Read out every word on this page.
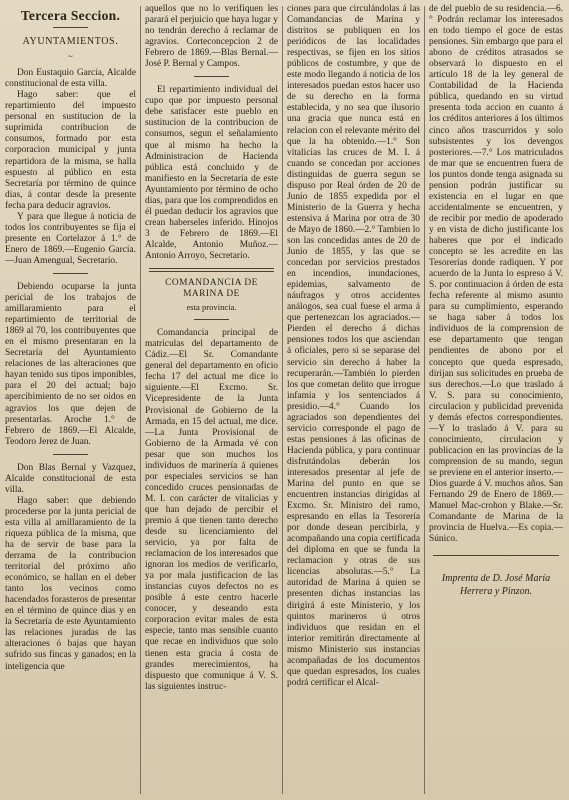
Tercera Seccion.
AYUNTAMIENTOS.
~

Don Eustaquio García, Alcalde constitucional de esta villa.

Hago saber: que el repartimiento del impuesto personal en sustitucion de la suprimida contribucion de consumos, formado por esta corporacion municipal y junta repartidora de la misma, se halla espuesto al público en esta Secretaría por término de quince dias, á contar desde la presente fecha para deducir agravios.

Y para que llegue á noticia de todos los contribuyentes se fija el presente en Cortelazor á 1.° de Enero de 1869.—Eugenio García.—Juan Amengual, Secretario.

Debiendo ocuparse la junta pericial de los trabajos de amillaramiento para el repartimiento de territorial de 1869 al 70, los contribuyentes que en el mismo presentaran en la Secretaría del Ayuntamiento relaciones de las alteraciones que hayan tenido sus tipos imponibles, para el 20 del actual; bajo apercibimiento de no ser oidos en agravios los que dejen de presentarlas. Aroche 1.° de Febrero de 1869.—El Alcalde, Teodoro Jerez de Juan.

Don Blas Bernal y Vazquez, Alcalde constitucional de esta villa.

Hago saber: que debiendo procederse por la junta pericial de esta villa al amillaramiento de la riqueza pública de la misma, que ha de servir de base para la derrama de la contribucion territorial del próximo año económico, se hallan en el deber tanto los vecinos como hacendados forasteros de presentar en el término de quince dias y en la Secretaría de este Ayuntamiento las relaciones juradas de las alteraciones ó bajas que hayan sufrido sus fincas y ganados; en la inteligencia que

aquellos que no lo verifiquen les parará el perjuicio que haya lugar y no tendrán derecho á reclamar de agravios. Corteconcepcion 2 de Febrero de 1869.—Blas Bernal.—José P. Bernal y Campos.

El repartimiento individual del cupo que por impuesto personal debe satisfacer este pueblo en sustitucion de la contribucion de consumos, segun el señalamiento que al mismo ha hecho la Administracion de Hacienda pública está concluido y de manifiesto en la Secretaría de este Ayuntamiento por término de ocho dias, para que los comprendidos en él puedan deducir los agravios que crean haberseles inferido. Hinojos 3 de Febrero de 1869.—El Alcalde, Antonio Muñoz.—Antonio Arroyo, Secretario.

COMANDANCIA DE MARINA DE
esta provincia.

Comandancia principal de matrículas del departamento de Cádiz.—El Sr. Comandante general del departamento en oficio fecha 17 del actual me dice lo siguiente.—El Excmo. Sr. Vicepresidente de la Junta Provisional de Gobierno de la Armada, en 15 del actual, me dice.—La Junta Provisional de Gobierno de la Armada vé con pesar que son muchos los individuos de marinería á quienes por especiales servicios se han concedido cruces pensionadas de M. I. con carácter de vitalicias y que han dejado de percibir el premio á que tienen tanto derecho desde su licenciamiento del servicio, ya por falta de reclamacion de los interesados que ignoran los medios de verificarlo, ya por mala justificacion de las instancias cuyos defectos no es posible á este centro hacerle conocer, y deseando esta corporacion evitar males de esta especie, tanto mas sensible cuanto que recae en individuos que solo tienen esta gracia á costa de grandes merecimientos, ha dispuesto que comunique á V. S. las siguientes instruc-

ciones para que circulándolas á las Comandancias de Marina y distritos se publiquen en los periódicos de las localidades respectivas, se fijen en los sitios públicos de costumbre, y que de este modo llegando á noticia de los interesados puedan estos hacer uso de su derecho en la forma establecida, y no sea que ilusorio una gracia que nunca está en relacion con el relevante mérito del que la ha obtenido.—1.° Son vitalicias las cruces de M. I. á cuando se concedan por acciones distinguidas de guerra segun se dispuso por Real órden de 20 de Junio de 1855 expedida por el Ministerio de la Guerra y hecha estensiva á Marina por otra de 30 de Mayo de 1860.—2.° Tambien lo son las concedidas antes de 20 de Junio de 1855, y las que se concedan por servicios prestados en incendios, inundaciones, epidemias, salvamento de náufragos y otros accidentes análogos, sea cual fuese el arma á que pertenezcan los agraciados.—Pierden el derecho á dichas pensiones todos los que asciendan á oficiales, pero si se separase del servicio sin derecho á haber la recuperarán.—También lo pierden los que cometan delito que irrogue infamia y los sentenciados á presidio.—4.° Cuando los agraciados son dependientes del servicio corresponde el pago de estas pensiones á las oficinas de Hacienda pública, y para continuar disfrutándolas deberán los interesados presentar al jefe de Marina del punto en que se encuentren instancias dirigidas al Excmo. Sr. Ministro del ramo, espresando en ellas la Tesorería por donde desean percibirla, y acompañando una copia certificada del diploma en que se funda la reclamacion y otras de sus licencias absolutas.—5.° La autoridad de Marina á quien se presenten dichas instancias las dirigirá á este Ministerio, y los quintos marineros ú otros individuos que residan en el interior remitirán directamente al mismo Ministerio sus instancias acompañadas de los documentos que quedan espresados, los cuales podrá certificar el Alcal-

de del pueblo de su residencia.—6.° Podrán reclamar los interesados en todo tiempo el goce de estas pensiones. Sin embargo que para el abono de créditos atrasados se observará lo dispuesto en el artículo 18 de la ley general de Contabilidad de la Hacienda pública, quedando en su virtud presenta toda accion en cuanto á los créditos anteriores á los últimos cinco años trascurridos y solo subsistentes y los devengos posteriores.—7.° Los matriculados de mar que se encuentren fuera de los puntos donde tenga asignada su pension podrán justificar su existencia en el lugar en que accidentalmente se encuentren, y de recibir por medio de apoderado y en vista de dicho justificante los haberes que por el indicado concepto se les acredite en las Tesorerías donde radiquen. Y por acuerdo de la Junta lo espreso á V. S. por continuacion á órden de esta fecha referente al mismo asunto para su cumplimiento, esperando se haga saber á todos los individuos de la comprension de ese departamento que tengan pendientes de abono por el concepto que queda espresado, dirijan sus solicitudes en prueba de sus derechos.—Lo que traslado á V. S. para su conocimiento, circulacion y publicidad prevenida y demás efectos correspondientes.—Y lo traslado á V. para su conocimiento, circulacion y publicacion en las provincias de la comprension de su mando, segun se previene en el anterior inserto.—Dios guarde á V. muchos años. San Fernando 29 de Enero de 1869.—Manuel Mac-crohon y Blake.—Sr. Comandante de Marina de la provincia de Huelva.—Es copia.—Súnico.

Imprenta de D. José María
Herrera y Pinzon.
